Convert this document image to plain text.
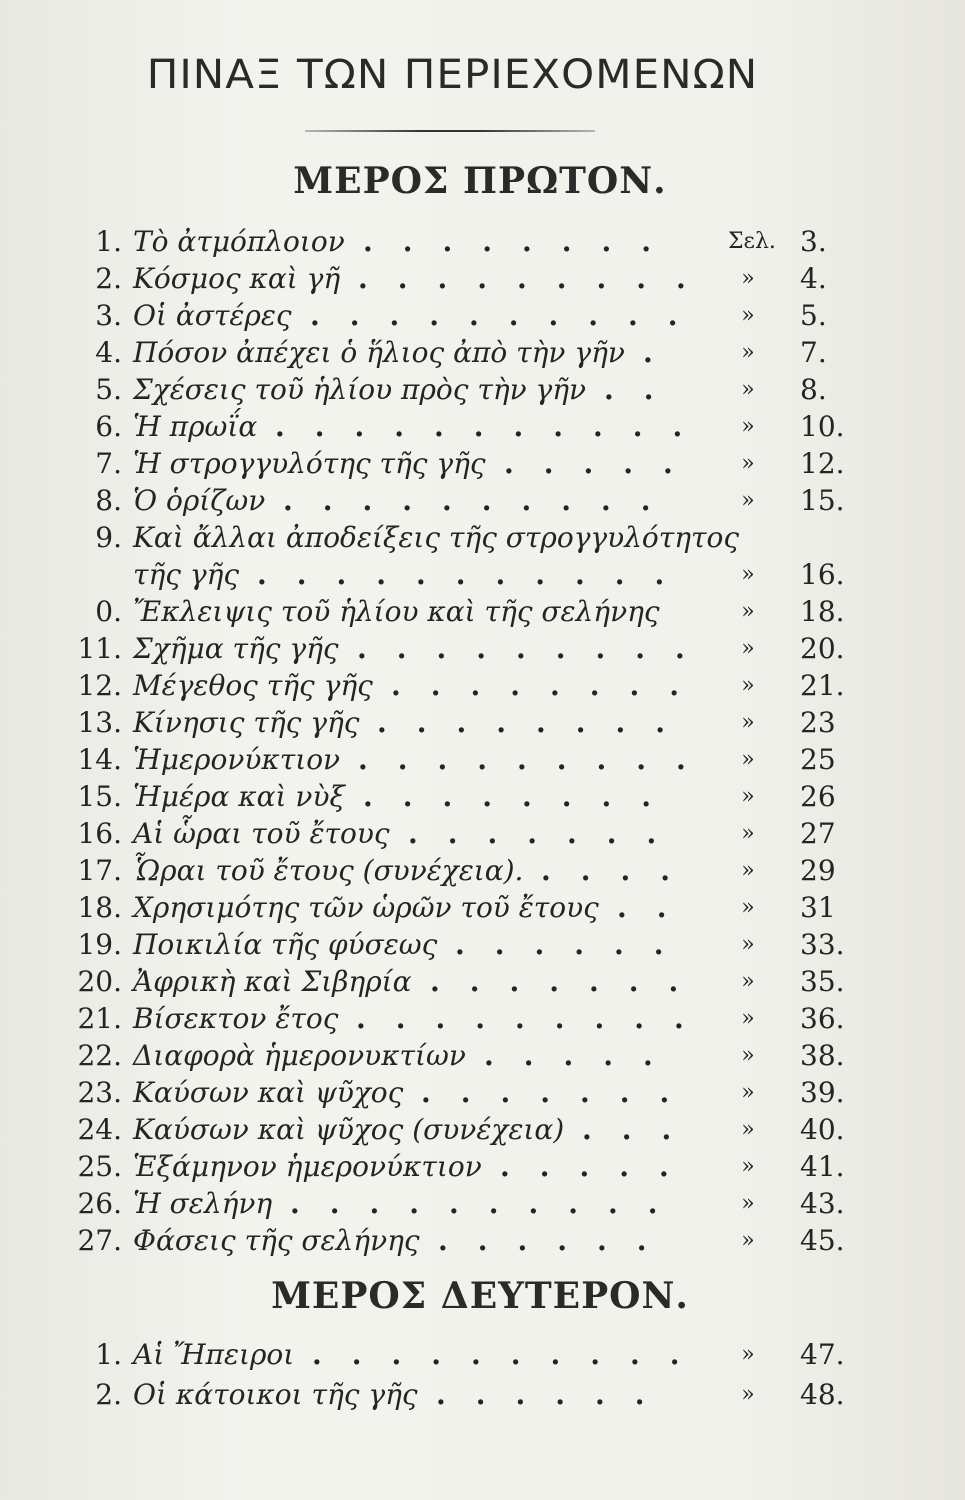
ΠΙΝΑΞ ΤΩΝ ΠΕΡΙΕΧΟΜΕΝΩΝ
ΜΕΡΟΣ ΠΡΩΤΟΝ.
1. Τὸ ἀτμόπλοιον	Σελ. 3.
........
2. Κόσμος καὶ γῆ	»	4.
.........
3. Οἱ ἀστέρες	»	5.
..........
4. Πόσον ἀπέχει ὁ ἥλιος ἀπὸ τὴν γῆν	»	7.
.
5. Σχέσεις τοῦ ἡλίου πρὸς τὴν γῆν	»	8.
..
6. Ἡ πρωΐα	»	10.
...........
7. Ἡ στρογγυλότης τῆς γῆς	»	12.
.....
8. Ὁ ὁρίζων	»	15.
..........
9. Καὶ ἄλλαι ἀποδείξεις τῆς στρογγυλότητος
τῆς γῆς	»	16.
...........
0. Ἔκλειψις τοῦ ἡλίου καὶ τῆς σελήνης	»	18.
11. Σχῆμα τῆς γῆς	»	20.
.........
12. Μέγεθος τῆς γῆς	»	21.
........
13. Κίνησις τῆς γῆς	»	23
........
14. Ἡμερονύκτιον	»	25
.........
15. Ἡμέρα καὶ νὺξ	»	26
........
16. Αἱ ὧραι τοῦ ἔτους	»	27
.......
17. Ὧραι τοῦ ἔτους (συνέχεια).	»	29
....
18. Χρησιμότης τῶν ὡρῶν τοῦ ἔτους	»	31
..
19. Ποικιλία τῆς φύσεως	»	33.
......
20. Ἀφρικὴ καὶ Σιβηρία	»	35.
.......
21. Βίσεκτον ἔτος	»	36.
.........
22. Διαφορὰ ἡμερονυκτίων	»	38.
.....
23. Καύσων καὶ ψῦχος	»	39.
.......
24. Καύσων καὶ ψῦχος (συνέχεια)	»	40.
...
25. Ἑξάμηνον ἡμερονύκτιον	»	41.
.....
26. Ἡ σελήνη	»	43.
..........
27. Φάσεις τῆς σελήνης	»	45.
......
ΜΕΡΟΣ ΔΕΥΤΕΡΟΝ.
1. Αἱ Ἤπειροι	»	47.
..........
2. Οἱ κάτοικοι τῆς γῆς	»	48.
......
